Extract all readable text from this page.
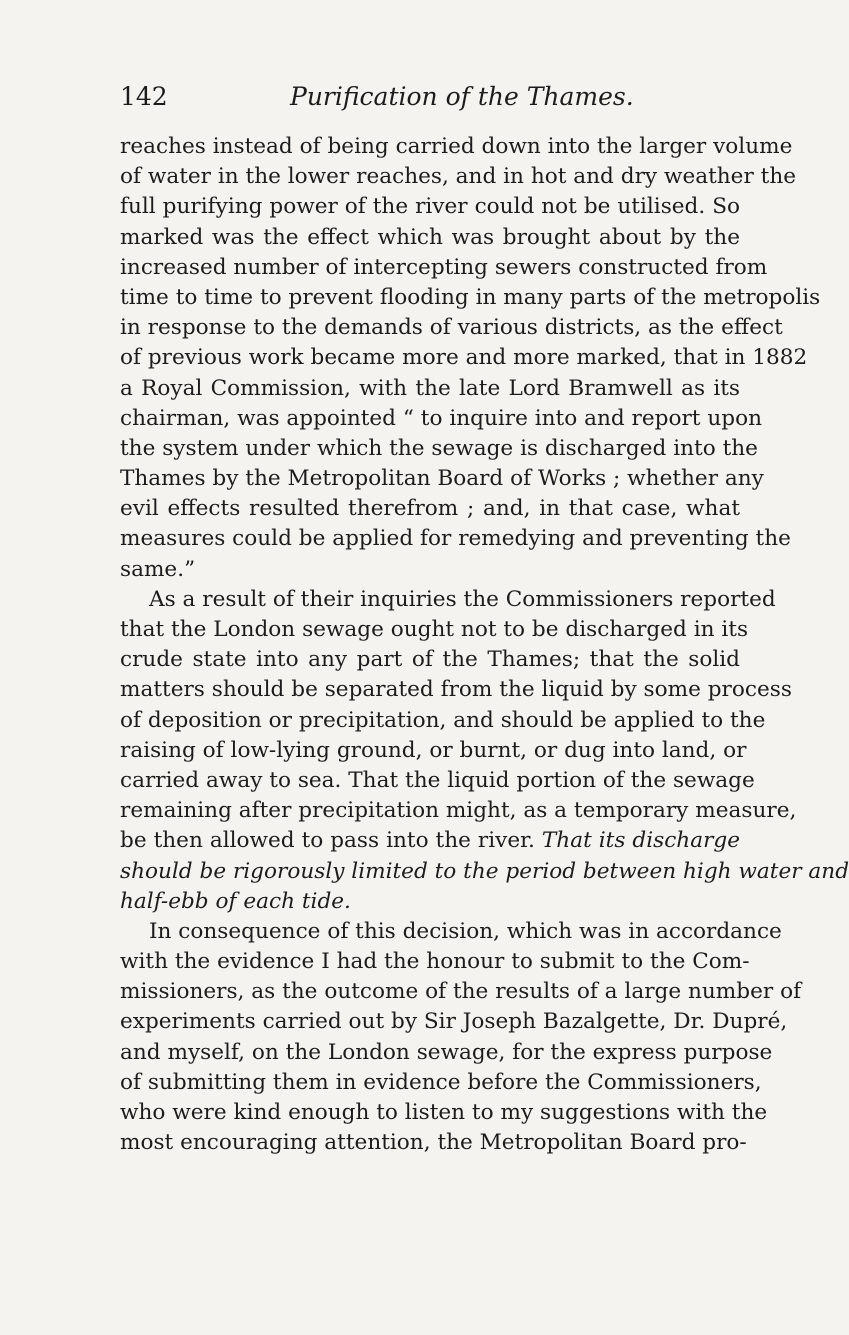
142	Purification of the Thames.
reaches instead of being carried down into the larger volume
of water in the lower reaches, and in hot and dry weather the
full purifying power of the river could not be utilised. So
marked was the effect which was brought about by the
increased number of intercepting sewers constructed from
time to time to prevent flooding in many parts of the metropolis
in response to the demands of various districts, as the effect
of previous work became more and more marked, that in 1882
a Royal Commission, with the late Lord Bramwell as its
chairman, was appointed “ to inquire into and report upon
the system under which the sewage is discharged into the
Thames by the Metropolitan Board of Works ; whether any
evil effects resulted therefrom ; and, in that case, what
measures could be applied for remedying and preventing the
same.”
As a result of their inquiries the Commissioners reported
that the London sewage ought not to be discharged in its
crude state into any part of the Thames; that the solid
matters should be separated from the liquid by some process
of deposition or precipitation, and should be applied to the
raising of low-lying ground, or burnt, or dug into land, or
carried away to sea. That the liquid portion of the sewage
remaining after precipitation might, as a temporary measure,
be then allowed to pass into the river. That its discharge
should be rigorously limited to the period between high water and
half-ebb of each tide.
In consequence of this decision, which was in accordance
with the evidence I had the honour to submit to the Com-
missioners, as the outcome of the results of a large number of
experiments carried out by Sir Joseph Bazalgette, Dr. Dupré,
and myself, on the London sewage, for the express purpose
of submitting them in evidence before the Commissioners,
who were kind enough to listen to my suggestions with the
most encouraging attention, the Metropolitan Board pro-
